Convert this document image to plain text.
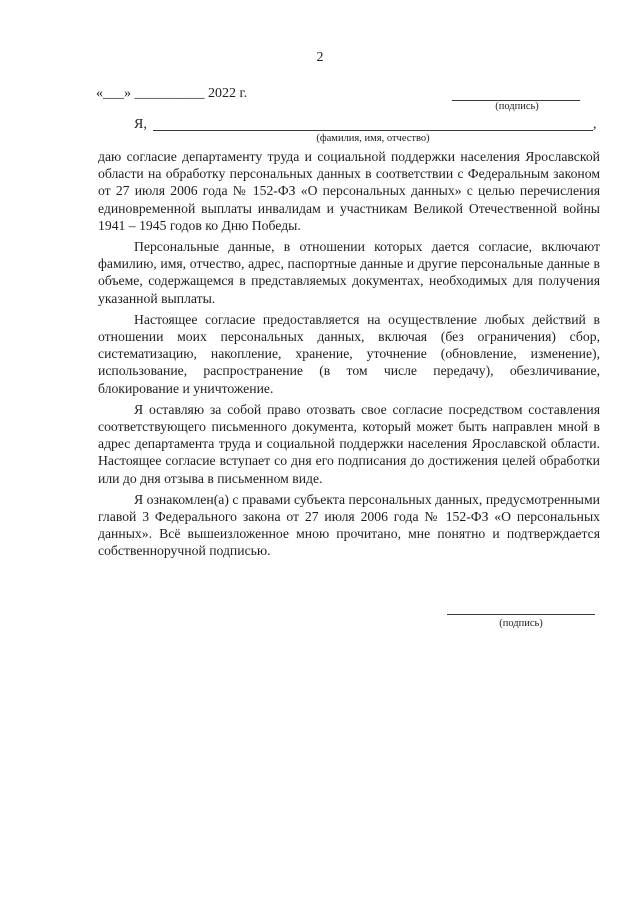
2
«___» __________ 2022 г.
(подпись)
Я,	,
(фамилия, имя, отчество)

даю согласие департаменту труда и социальной поддержки населения Ярославской области на обработку персональных данных в соответствии с Федеральным законом от 27 июля 2006 года № 152-ФЗ «О персональных данных» с целью перечисления единовременной выплаты инвалидам и участникам Великой Отечественной войны 1941 – 1945 годов ко Дню Победы.

Персональные данные, в отношении которых дается согласие, включают фамилию, имя, отчество, адрес, паспортные данные и другие персональные данные в объеме, содержащемся в представляемых документах, необходимых для получения указанной выплаты.

Настоящее согласие предоставляется на осуществление любых действий в отношении моих персональных данных, включая (без ограничения) сбор, систематизацию, накопление, хранение, уточнение (обновление, изменение), использование, распространение (в том числе передачу), обезличивание, блокирование и уничтожение.

Я оставляю за собой право отозвать свое согласие посредством составления соответствующего письменного документа, который может быть направлен мной в адрес департамента труда и социальной поддержки населения Ярославской области. Настоящее согласие вступает со дня его подписания до достижения целей обработки или до дня отзыва в письменном виде.

Я ознакомлен(а) с правами субъекта персональных данных, предусмотренными главой 3 Федерального закона от 27 июля 2006 года № 152-ФЗ «О персональных данных». Всё вышеизложенное мною прочитано, мне понятно и подтверждается собственноручной подписью.

(подпись)
